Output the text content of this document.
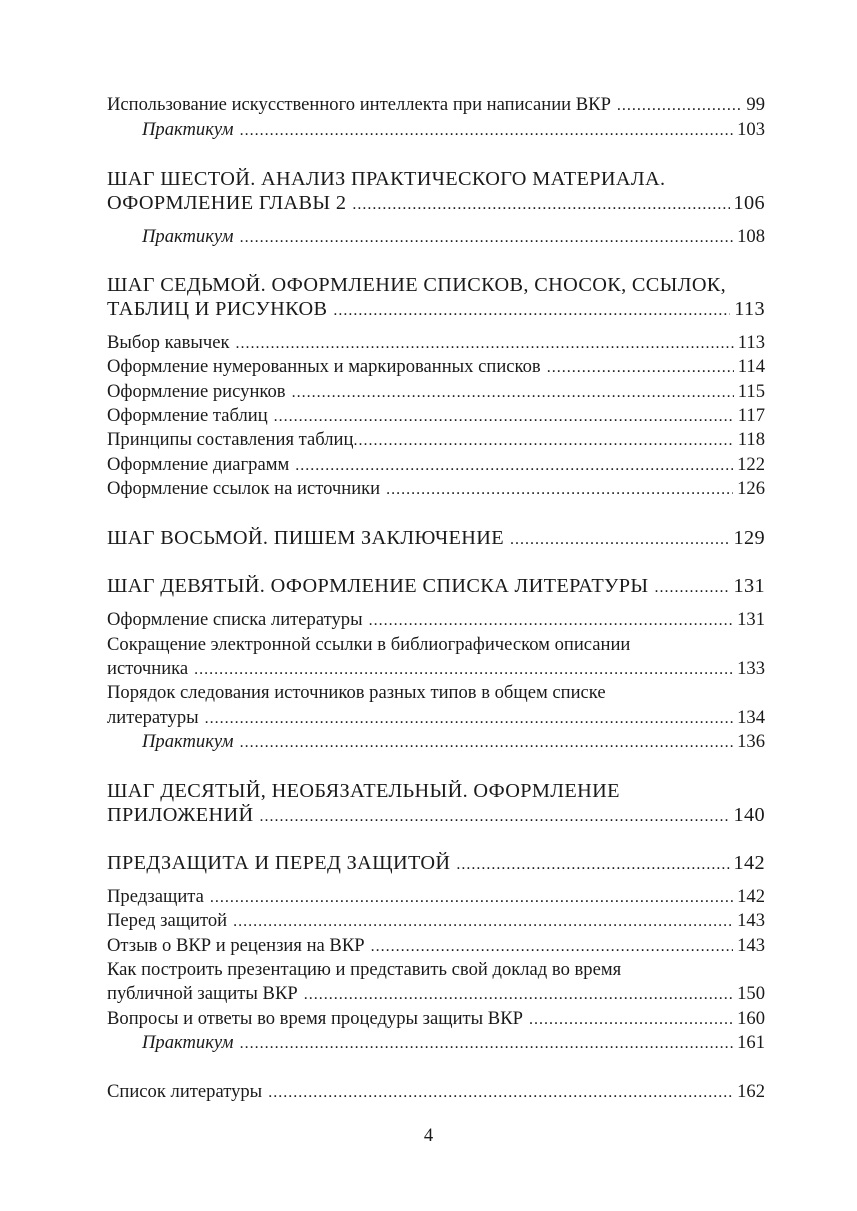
Использование искусственного интеллекта при написании ВКР .....	99
Практикум .....	103
ШАГ ШЕСТОЙ. АНАЛИЗ ПРАКТИЧЕСКОГО МАТЕРИАЛА.
ОФОРМЛЕНИЕ ГЛАВЫ 2 .....	106
Практикум .....	108
ШАГ СЕДЬМОЙ. ОФОРМЛЕНИЕ СПИСКОВ, СНОСОК, ССЫЛОК,
ТАБЛИЦ И РИСУНКОВ .....	113
Выбор кавычек .....	113
Оформление нумерованных и маркированных списков .....	114
Оформление рисунков .....	115
Оформление таблиц .....	117
Принципы составления таблиц .....	118
Оформление диаграмм .....	122
Оформление ссылок на источники .....	126
ШАГ ВОСЬМОЙ. ПИШЕМ ЗАКЛЮЧЕНИЕ .....	129
ШАГ ДЕВЯТЫЙ. ОФОРМЛЕНИЕ СПИСКА ЛИТЕРАТУРЫ .....	131
Оформление списка литературы .....	131
Сокращение электронной ссылки в библиографическом описании
источника .....	133
Порядок следования источников разных типов в общем списке
литературы .....	134
Практикум .....	136
ШАГ ДЕСЯТЫЙ, НЕОБЯЗАТЕЛЬНЫЙ. ОФОРМЛЕНИЕ
ПРИЛОЖЕНИЙ .....	140
ПРЕДЗАЩИТА И ПЕРЕД ЗАЩИТОЙ .....	142
Предзащита .....	142
Перед защитой .....	143
Отзыв о ВКР и рецензия на ВКР .....	143
Как построить презентацию и представить свой доклад во время
публичной защиты ВКР .....	150
Вопросы и ответы во время процедуры защиты ВКР .....	160
Практикум .....	161
Список литературы .....	162
4
